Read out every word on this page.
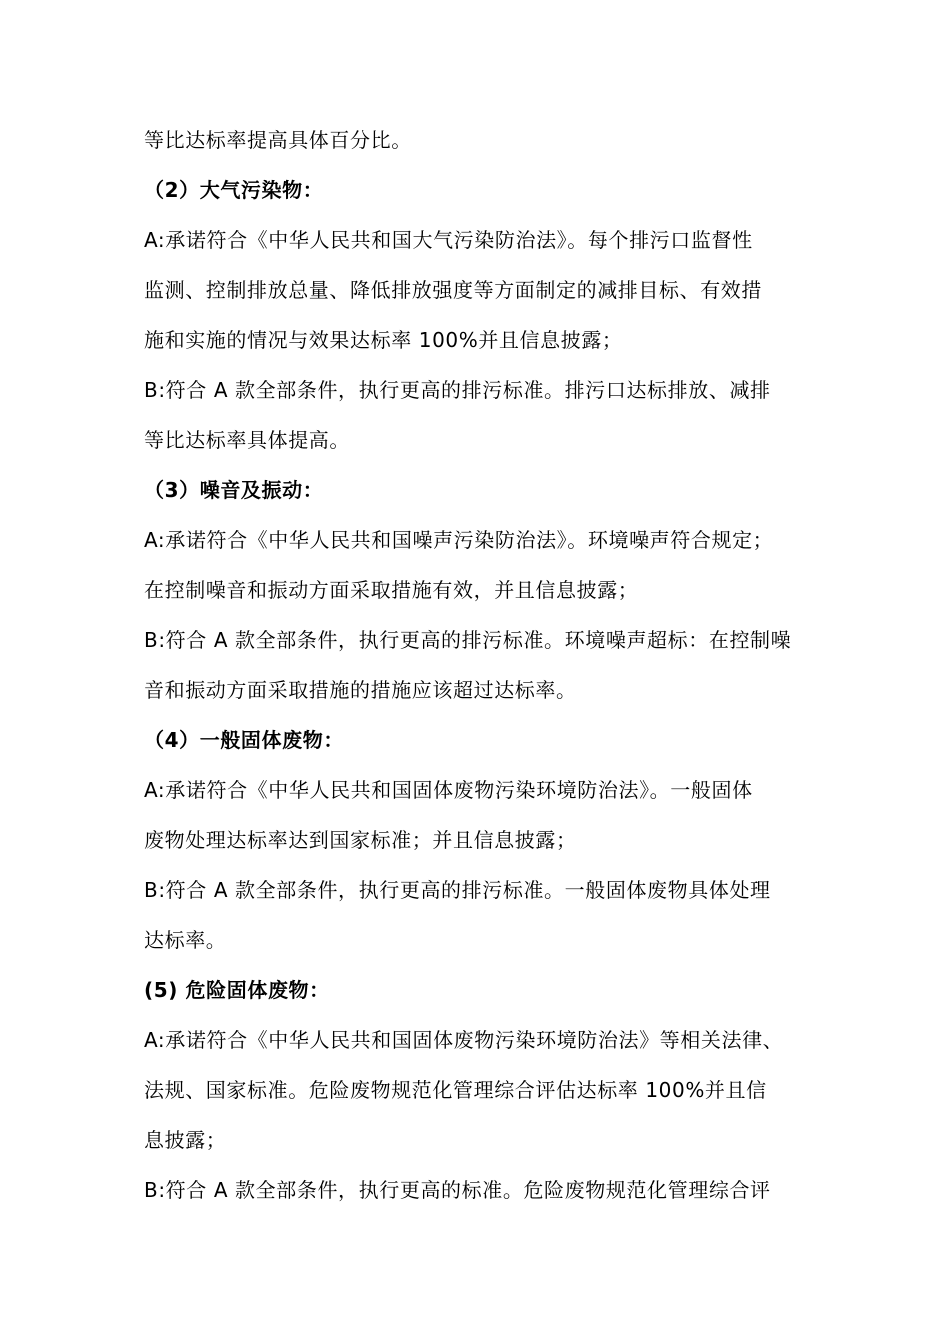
等比达标率提高具体百分比。
（2）大气污染物：
A:承诺符合《中华人民共和国大气污染防治法》。每个排污口监督性
监测、控制排放总量、降低排放强度等方面制定的减排目标、有效措
施和实施的情况与效果达标率 100%并且信息披露；
B:符合 A 款全部条件，执行更高的排污标准。排污口达标排放、减排
等比达标率具体提高。
（3）噪音及振动：
A:承诺符合《中华人民共和国噪声污染防治法》。环境噪声符合规定；
在控制噪音和振动方面采取措施有效，并且信息披露；
B:符合 A 款全部条件，执行更高的排污标准。环境噪声超标：在控制噪
音和振动方面采取措施的措施应该超过达标率。
（4）一般固体废物：
A:承诺符合《中华人民共和国固体废物污染环境防治法》。一般固体
废物处理达标率达到国家标准；并且信息披露；
B:符合 A 款全部条件，执行更高的排污标准。一般固体废物具体处理
达标率。
(5) 危险固体废物：
A:承诺符合《中华人民共和国固体废物污染环境防治法》等相关法律、
法规、国家标准。危险废物规范化管理综合评估达标率 100%并且信
息披露；
B:符合 A 款全部条件，执行更高的标准。危险废物规范化管理综合评
